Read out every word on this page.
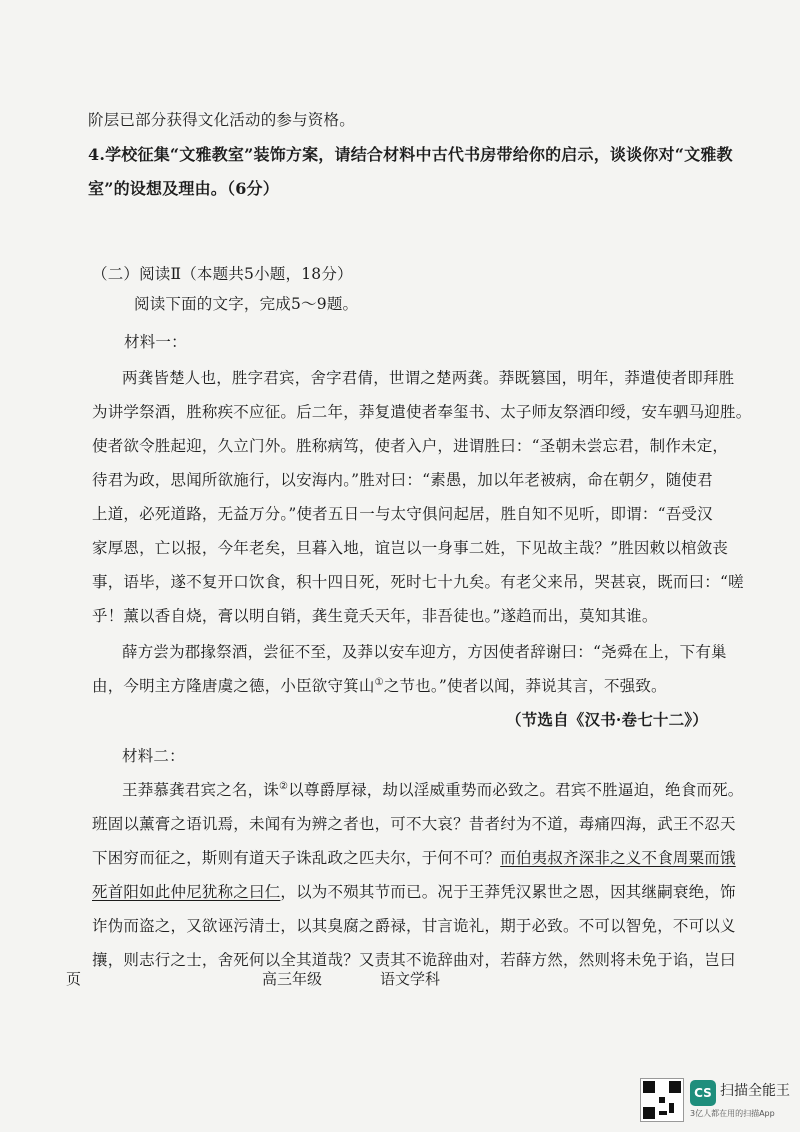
阶层已部分获得文化活动的参与资格。
4.学校征集“文雅教室”装饰方案，请结合材料中古代书房带给你的启示，谈谈你对“文雅教
室”的设想及理由。（6分）
（二）阅读Ⅱ（本题共5小题，18分）
阅读下面的文字，完成5～9题。
材料一：
两龚皆楚人也，胜字君宾，舍字君倩，世谓之楚两龚。莽既篡国，明年，莽遣使者即拜胜
为讲学祭酒，胜称疾不应征。后二年，莽复遣使者奉玺书、太子师友祭酒印绶，安车驷马迎胜。
使者欲令胜起迎，久立门外。胜称病笃，使者入户，进谓胜曰：“圣朝未尝忘君，制作未定，
待君为政，思闻所欲施行，以安海内。”胜对曰：“素愚，加以年老被病，命在朝夕，随使君
上道，必死道路，无益万分。”使者五日一与太守俱问起居，胜自知不见听，即谓：“吾受汉
家厚恩，亡以报，今年老矣，旦暮入地，谊岂以一身事二姓，下见故主哉？”胜因敕以棺敛丧
事，语毕，遂不复开口饮食，积十四日死，死时七十九矣。有老父来吊，哭甚哀，既而曰：“嗟
乎！薰以香自烧，膏以明自销，龚生竟夭天年，非吾徒也。”遂趋而出，莫知其谁。
薛方尝为郡掾祭酒，尝征不至，及莽以安车迎方，方因使者辞谢曰：“尧舜在上，下有巢
由，今明主方隆唐虞之德，小臣欲守箕山①之节也。”使者以闻，莽说其言，不强致。
（节选自《汉书·卷七十二》）
材料二：
王莽慕龚君宾之名，诛②以尊爵厚禄，劫以淫威重势而必致之。君宾不胜逼迫，绝食而死。
班固以薰膏之语讥焉，未闻有为辨之者也，可不大哀？昔者纣为不道，毒痛四海，武王不忍天
下困穷而征之，斯则有道天子诛乱政之匹夫尔，于何不可？而伯夷叔齐深非之义不食周粟而饿
死首阳如此仲尼犹称之曰仁，以为不殒其节而已。况于王莽凭汉累世之恩，因其继嗣衰绝，饰
诈伪而盗之，又欲诬污清士，以其臭腐之爵禄，甘言诡礼，期于必致。不可以智免，不可以义
攘，则志行之士，舍死何以全其道哉？又责其不诡辞曲对，若薛方然，然则将未免于谄，岂曰
页	高三年级	语文学科
CS 扫描全能王
3亿人都在用的扫描App
